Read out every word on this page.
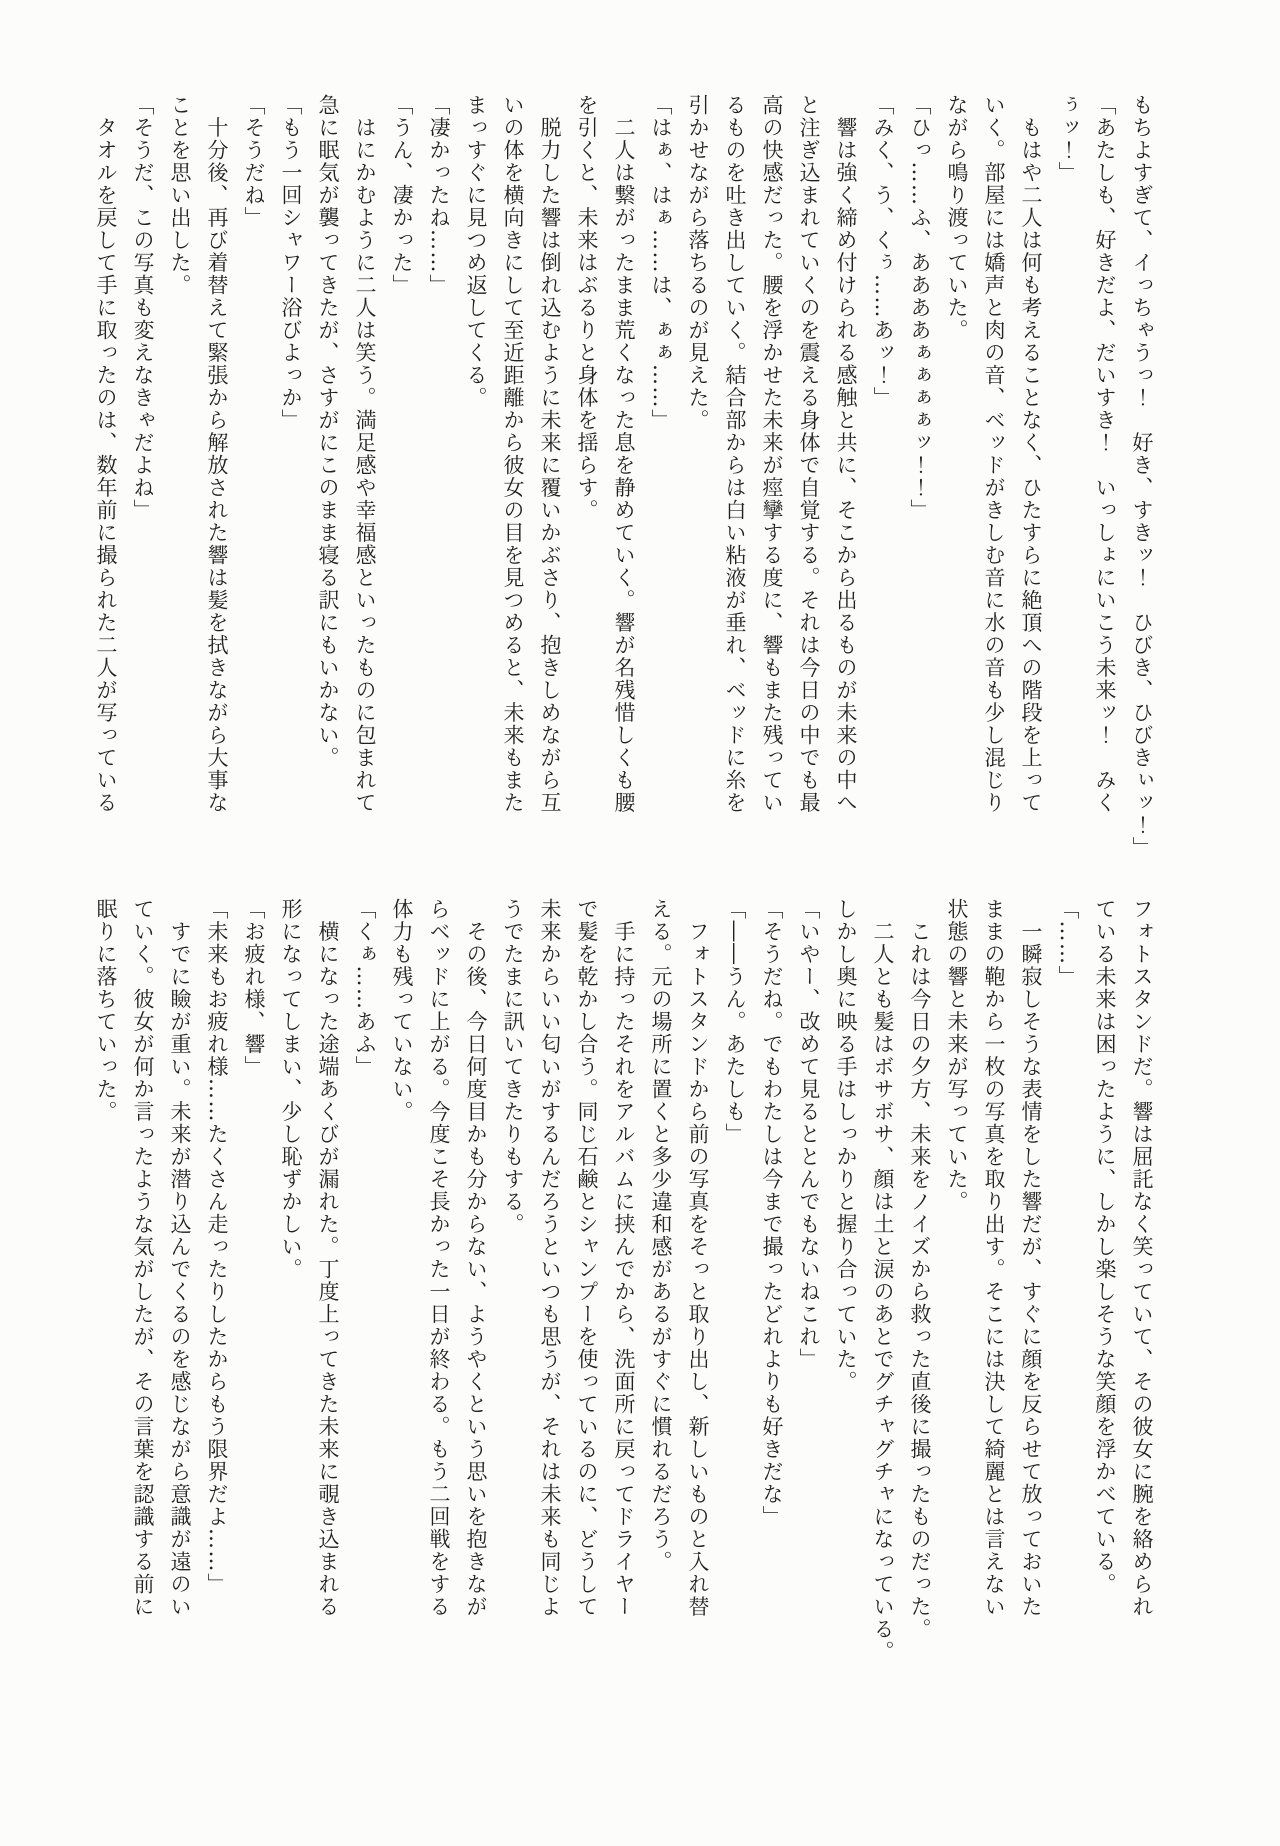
もちよすぎて、イっちゃうっ！　好き、すきッ！　ひびき、ひびきぃッ！」
「あたしも、好きだよ、だいすき！　いっしょにいこう未来ッ！　みく
ぅッ！」
　もはや二人は何も考えることなく、ひたすらに絶頂への階段を上って
いく。部屋には嬌声と肉の音、ベッドがきしむ音に水の音も少し混じり
ながら鳴り渡っていた。
「ひっ……ふ、ああああぁぁぁぁッ！！」
「みく、う、くぅ……あッ！」
　響は強く締め付けられる感触と共に、そこから出るものが未来の中へ
と注ぎ込まれていくのを震える身体で自覚する。それは今日の中でも最
高の快感だった。腰を浮かせた未来が痙攣する度に、響もまた残ってい
るものを吐き出していく。結合部からは白い粘液が垂れ、ベッドに糸を
引かせながら落ちるのが見えた。
「はぁ、はぁ……は、ぁぁ……」
　二人は繋がったまま荒くなった息を静めていく。響が名残惜しくも腰
を引くと、未来はぶるりと身体を揺らす。
　脱力した響は倒れ込むように未来に覆いかぶさり、抱きしめながら互
いの体を横向きにして至近距離から彼女の目を見つめると、未来もまた
まっすぐに見つめ返してくる。
「凄かったね……」
「うん、凄かった」
　はにかむように二人は笑う。満足感や幸福感といったものに包まれて
急に眠気が襲ってきたが、さすがにこのまま寝る訳にもいかない。
「もう一回シャワー浴びよっか」
「そうだね」
　十分後、再び着替えて緊張から解放された響は髪を拭きながら大事な
ことを思い出した。
「そうだ、この写真も変えなきゃだよね」
　タオルを戻して手に取ったのは、数年前に撮られた二人が写っている
フォトスタンドだ。響は屈託なく笑っていて、その彼女に腕を絡められ
ている未来は困ったように、しかし楽しそうな笑顔を浮かべている。
「……」
　一瞬寂しそうな表情をした響だが、すぐに顔を反らせて放っておいた
ままの鞄から一枚の写真を取り出す。そこには決して綺麗とは言えない
状態の響と未来が写っていた。
　これは今日の夕方、未来をノイズから救った直後に撮ったものだった。
　二人とも髪はボサボサ、顔は土と涙のあとでグチャグチャになっている。
しかし奥に映る手はしっかりと握り合っていた。
「いやー、改めて見るととんでもないねこれ」
「そうだね。でもわたしは今まで撮ったどれよりも好きだな」
「――うん。あたしも」
　フォトスタンドから前の写真をそっと取り出し、新しいものと入れ替
える。元の場所に置くと多少違和感があるがすぐに慣れるだろう。
　手に持ったそれをアルバムに挟んでから、洗面所に戻ってドライヤー
で髪を乾かし合う。同じ石鹸とシャンプーを使っているのに、どうして
未来からいい匂いがするんだろうといつも思うが、それは未来も同じよ
うでたまに訊いてきたりもする。
　その後、今日何度目かも分からない、ようやくという思いを抱きなが
らベッドに上がる。今度こそ長かった一日が終わる。もう二回戦をする
体力も残っていない。
「くぁ……あふ」
　横になった途端あくびが漏れた。丁度上ってきた未来に覗き込まれる
形になってしまい、少し恥ずかしい。
「お疲れ様、響」
「未来もお疲れ様……たくさん走ったりしたからもう限界だよ……」
　すでに瞼が重い。未来が潜り込んでくるのを感じながら意識が遠のい
ていく。彼女が何か言ったような気がしたが、その言葉を認識する前に
眠りに落ちていった。
